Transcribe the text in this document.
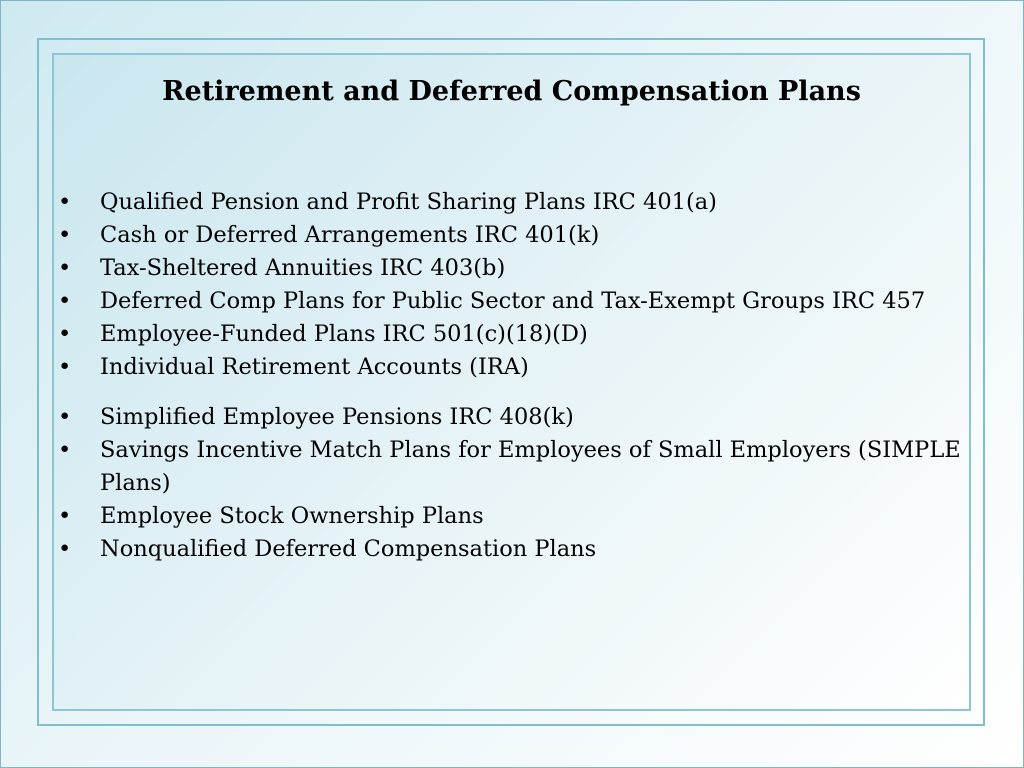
Retirement and Deferred Compensation Plans
• Qualified Pension and Profit Sharing Plans IRC 401(a)
• Cash or Deferred Arrangements IRC 401(k)
• Tax-Sheltered Annuities IRC 403(b)
• Deferred Comp Plans for Public Sector and Tax-Exempt Groups IRC 457
• Employee-Funded Plans IRC 501(c)(18)(D)
• Individual Retirement Accounts (IRA)
• Simplified Employee Pensions IRC 408(k)
• Savings Incentive Match Plans for Employees of Small Employers (SIMPLE Plans)
• Employee Stock Ownership Plans
• Nonqualified Deferred Compensation Plans
